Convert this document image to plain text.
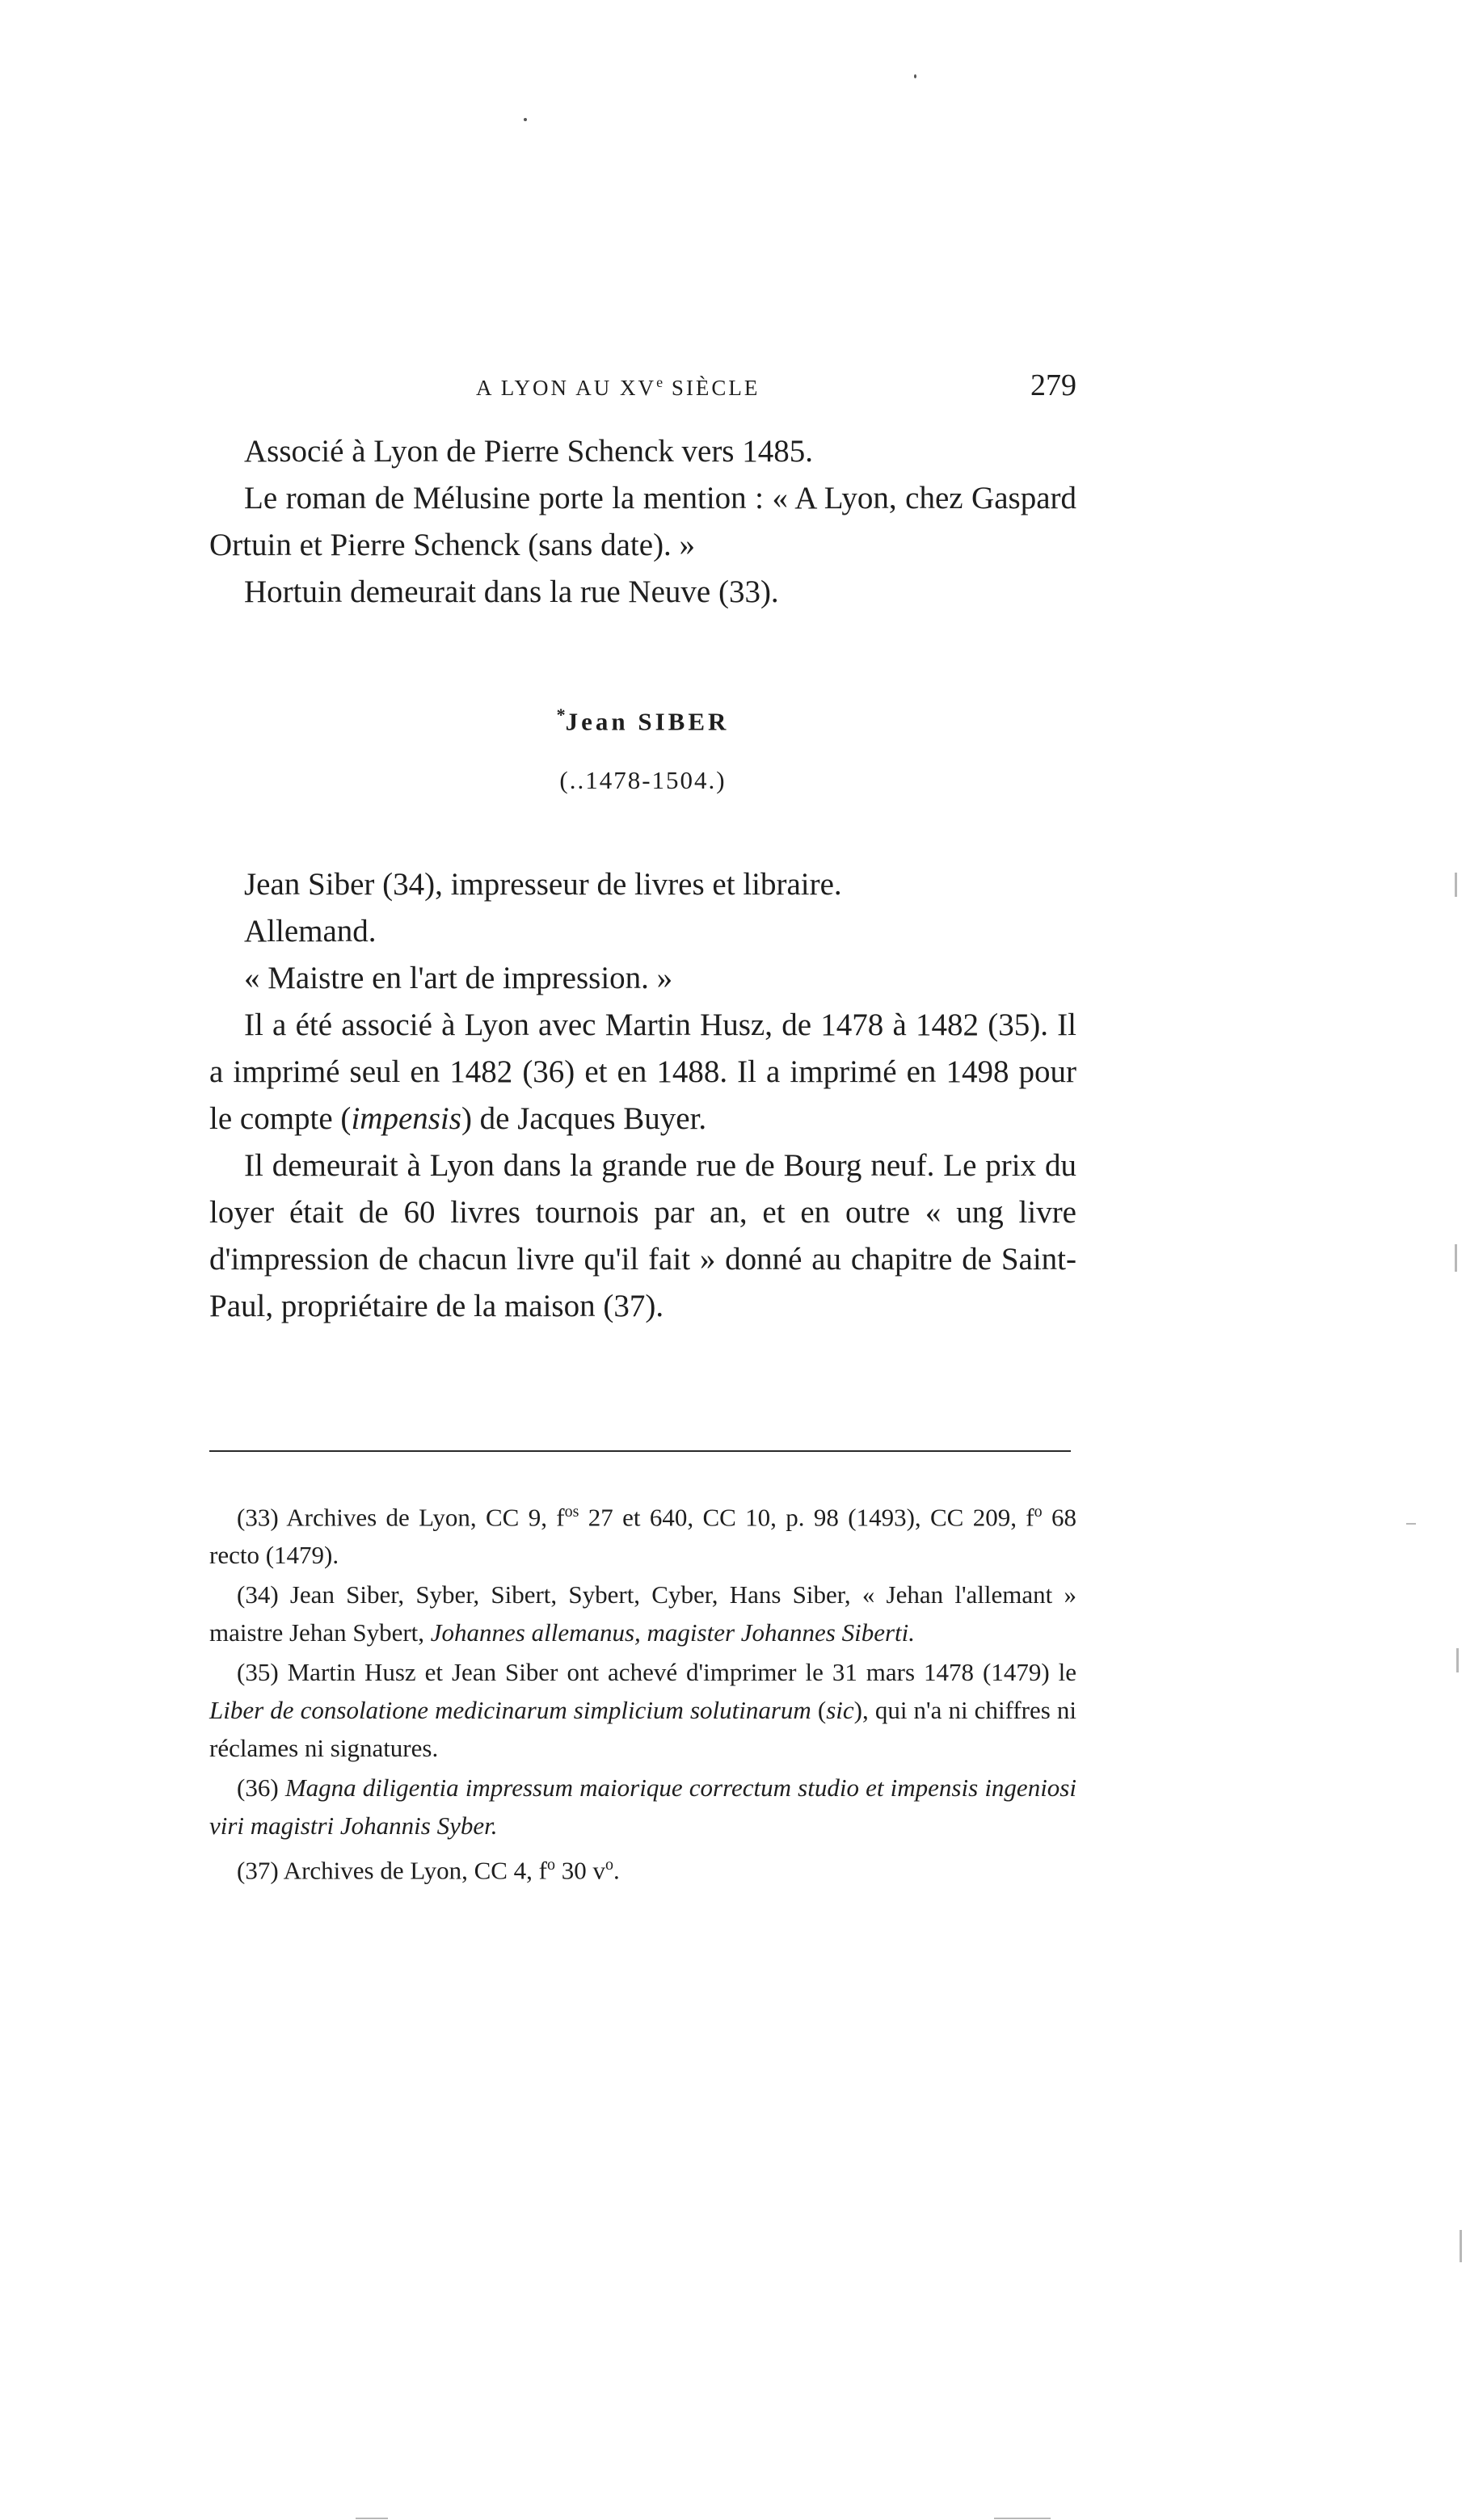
A LYON AU XVe SIÈCLE	279

Associé à Lyon de Pierre Schenck vers 1485.

Le roman de Mélusine porte la mention : « A Lyon, chez Gaspard Ortuin et Pierre Schenck (sans date). »

Hortuin demeurait dans la rue Neuve (33).

*Jean SIBER
(..1478-1504.)

Jean Siber (34), impresseur de livres et libraire.

Allemand.

« Maistre en l'art de impression. »

Il a été associé à Lyon avec Martin Husz, de 1478 à 1482 (35). Il a imprimé seul en 1482 (36) et en 1488. Il a imprimé en 1498 pour le compte (impensis) de Jacques Buyer.

Il demeurait à Lyon dans la grande rue de Bourg neuf. Le prix du loyer était de 60 livres tournois par an, et en outre « ung livre d'impression de chacun livre qu'il fait » donné au chapitre de Saint-Paul, propriétaire de la maison (37).

(33) Archives de Lyon, CC 9, $f^{os}$ 27 et 640, CC 10, p. 98 (1493), CC 209, $f^o$ 68 recto (1479).

(34) Jean Siber, Syber, Sibert, Sybert, Cyber, Hans Siber, « Jehan l'allemant » maistre Jehan Sybert, Johannes allemanus, magister Johannes Siberti.

(35) Martin Husz et Jean Siber ont achevé d'imprimer le 31 mars 1478 (1479) le Liber de consolatione medicinarum simplicium solutinarum (sic), qui n'a ni chiffres ni réclames ni signatures.

(36) Magna diligentia impressum maiorique correctum studio et impensis ingeniosi viri magistri Johannis Syber.

(37) Archives de Lyon, CC 4, $f^o$ 30 $v^o$.
